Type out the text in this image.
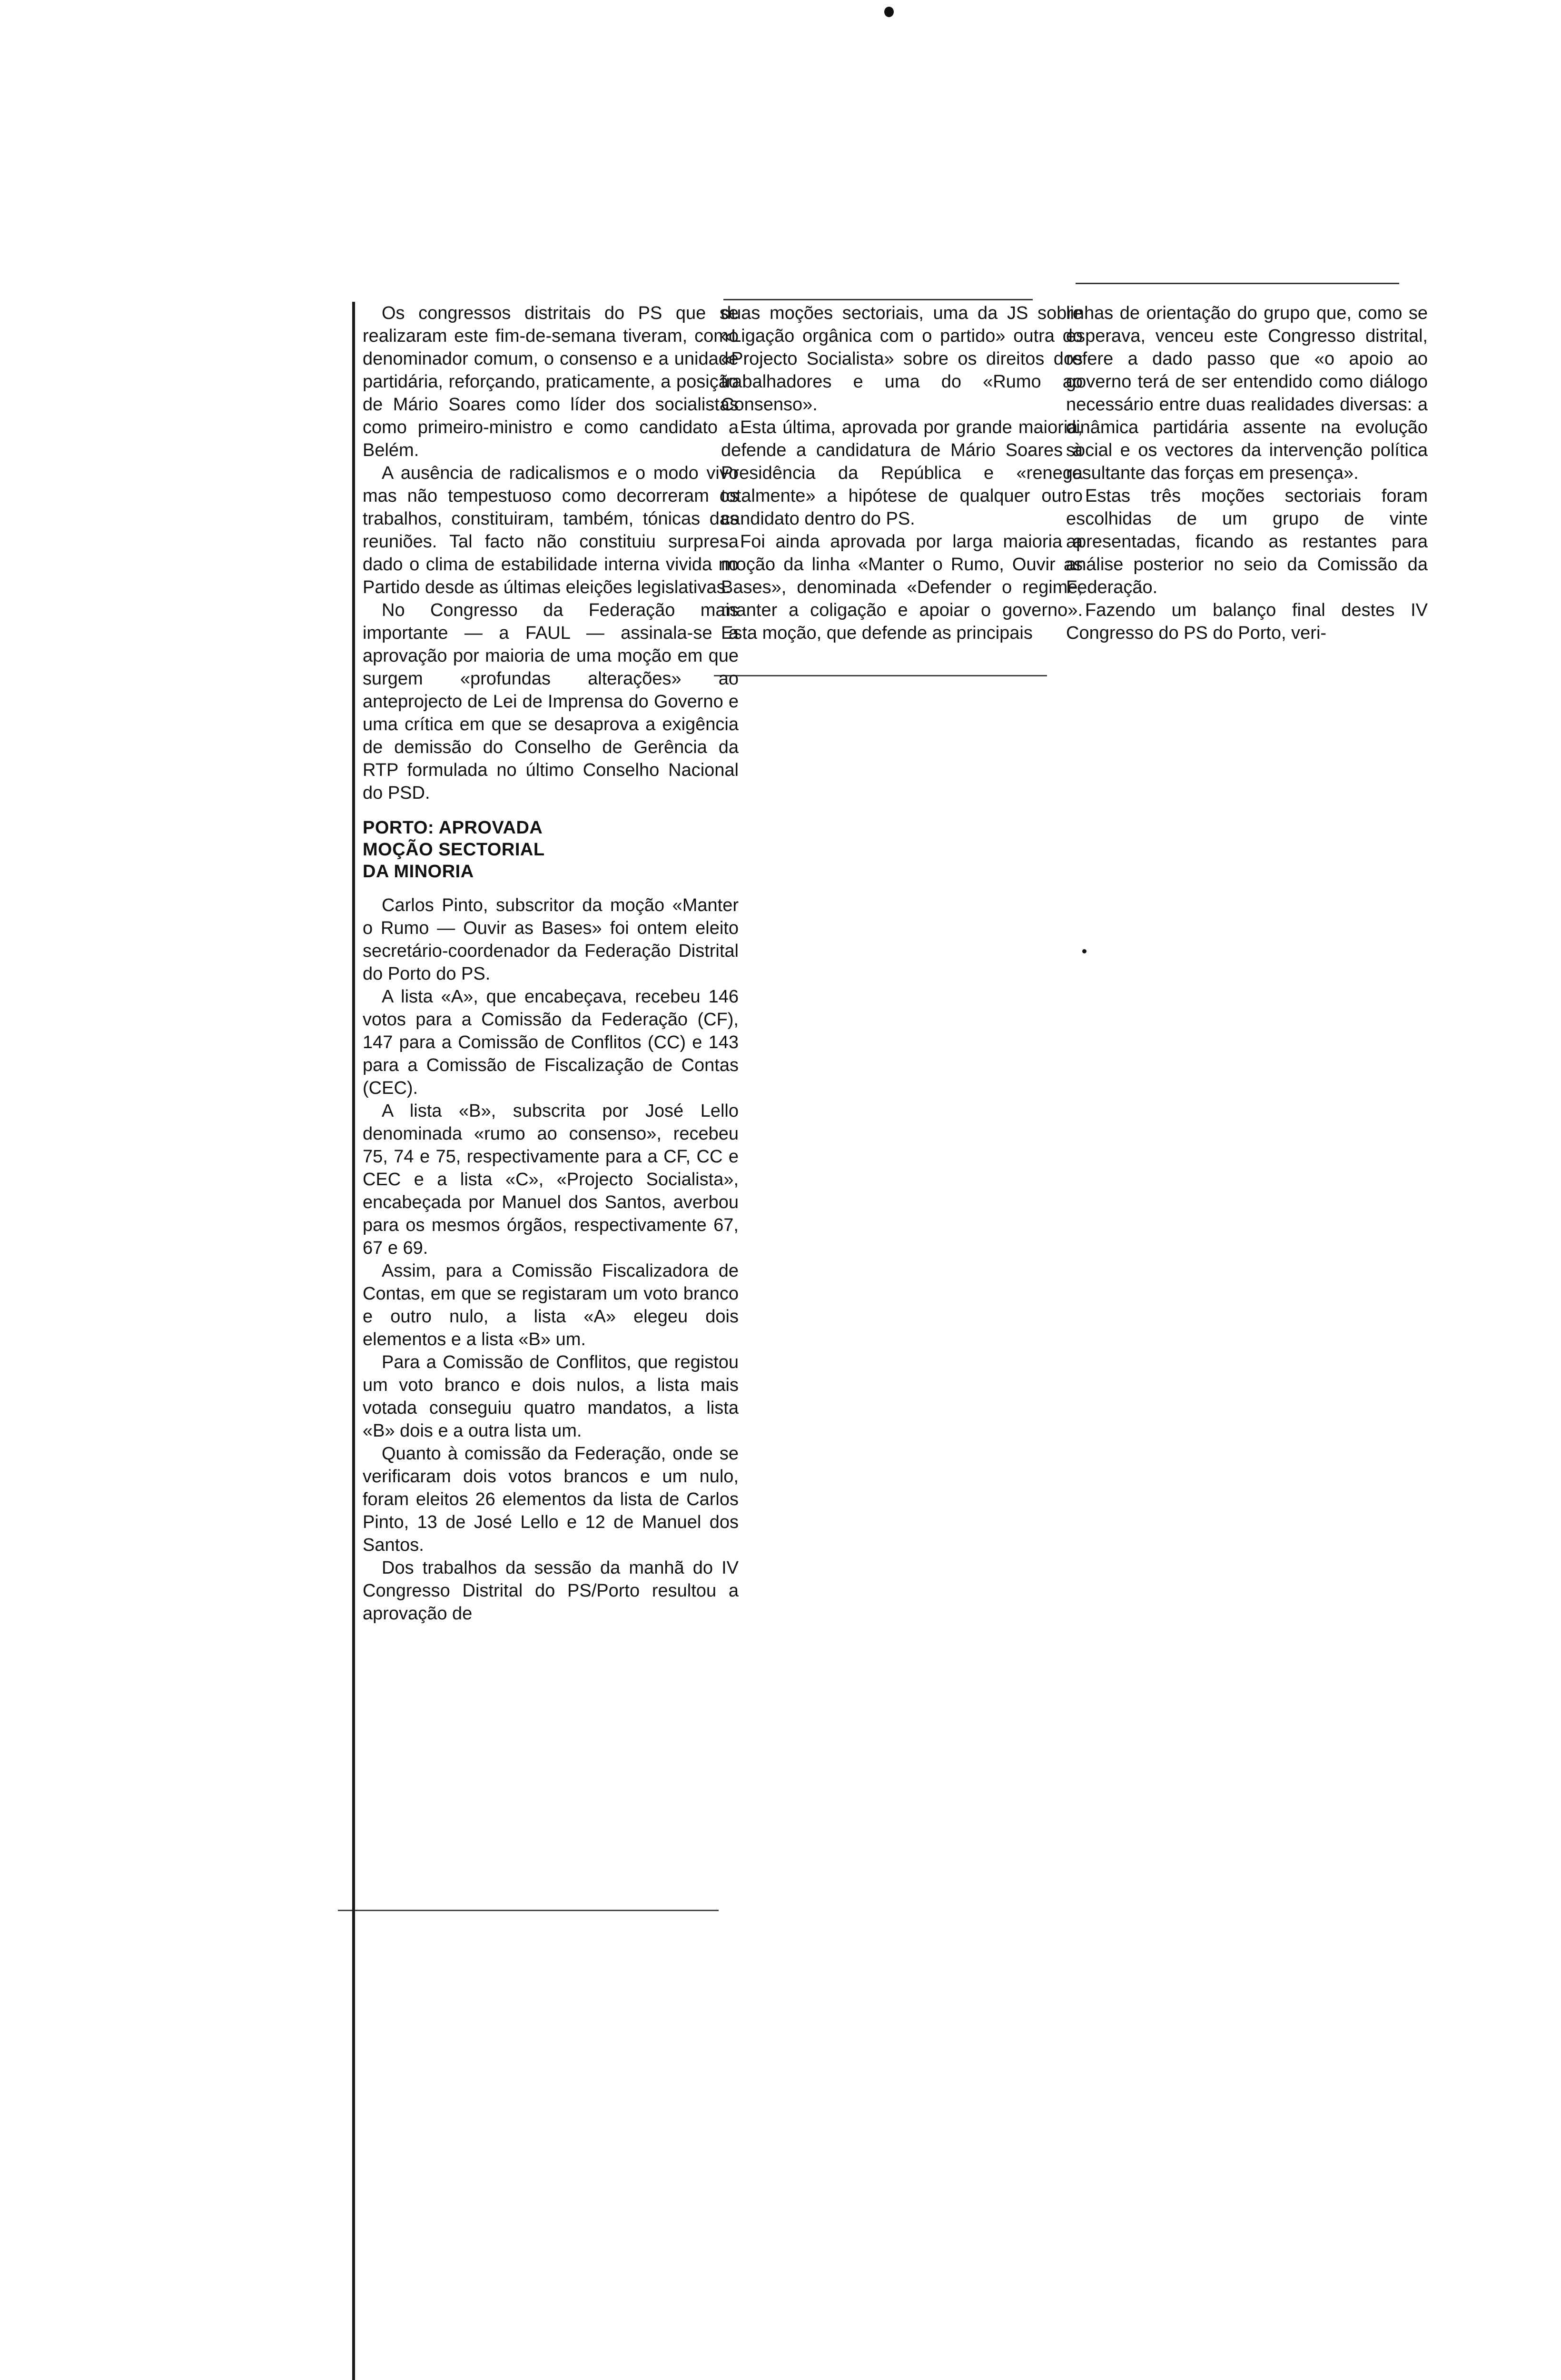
Os congressos distritais do PS que se realizaram este fim-de-semana tiveram, como denominador comum, o consenso e a unidade partidária, reforçando, praticamente, a posição de Mário Soares como líder dos socialistas como primeiro-ministro e como candidato a Belém.

A ausência de radicalismos e o modo vivo mas não tempestuoso como decorreram os trabalhos, constituiram, também, tónicas das reuniões. Tal facto não constituiu surpresa dado o clima de estabilidade interna vivida no Partido desde as últimas eleições legislativas.

No Congresso da Federação mais importante — a FAUL — assinala-se a aprovação por maioria de uma moção em que surgem «profundas alterações» ao anteprojecto de Lei de Imprensa do Governo e uma crítica em que se desaprova a exigência de demissão do Conselho de Gerência da RTP formulada no último Conselho Nacional do PSD.

PORTO: APROVADA
MOÇÃO SECTORIAL
DA MINORIA

Carlos Pinto, subscritor da moção «Manter o Rumo — Ouvir as Bases» foi ontem eleito secretário-coordenador da Federação Distrital do Porto do PS.

A lista «A», que encabeçava, recebeu 146 votos para a Comissão da Federação (CF), 147 para a Comissão de Conflitos (CC) e 143 para a Comissão de Fiscalização de Contas (CEC).

A lista «B», subscrita por José Lello denominada «rumo ao consenso», recebeu 75, 74 e 75, respectivamente para a CF, CC e CEC e a lista «C», «Projecto Socialista», encabeçada por Manuel dos Santos, averbou para os mesmos órgãos, respectivamente 67, 67 e 69.

Assim, para a Comissão Fiscalizadora de Contas, em que se registaram um voto branco e outro nulo, a lista «A» elegeu dois elementos e a lista «B» um.

Para a Comissão de Conflitos, que registou um voto branco e dois nulos, a lista mais votada conseguiu quatro mandatos, a lista «B» dois e a outra lista um.

Quanto à comissão da Federação, onde se verificaram dois votos brancos e um nulo, foram eleitos 26 elementos da lista de Carlos Pinto, 13 de José Lello e 12 de Manuel dos Santos.

Dos trabalhos da sessão da manhã do IV Congresso Distrital do PS/Porto resultou a aprovação de

duas moções sectoriais, uma da JS sobre «Ligação orgânica com o partido» outra do «Projecto Socialista» sobre os direitos dos trabalhadores e uma do «Rumo ao Consenso».

Esta última, aprovada por grande maioria, defende a candidatura de Mário Soares à Presidência da República e «renega totalmente» a hipótese de qualquer outro candidato dentro do PS.

Foi ainda aprovada por larga maioria a moção da linha «Manter o Rumo, Ouvir as Bases», denominada «Defender o regime, manter a coligação e apoiar o governo». Esta moção, que defende as principais

linhas de orientação do grupo que, como se esperava, venceu este Congresso distrital, refere a dado passo que «o apoio ao governo terá de ser entendido como diálogo necessário entre duas realidades diversas: a dinâmica partidária assente na evolução social e os vectores da intervenção política resultante das forças em presença».

Estas três moções sectoriais foram escolhidas de um grupo de vinte apresentadas, ficando as restantes para análise posterior no seio da Comissão da Federação.

Fazendo um balanço final destes IV Congresso do PS do Porto, veri-
